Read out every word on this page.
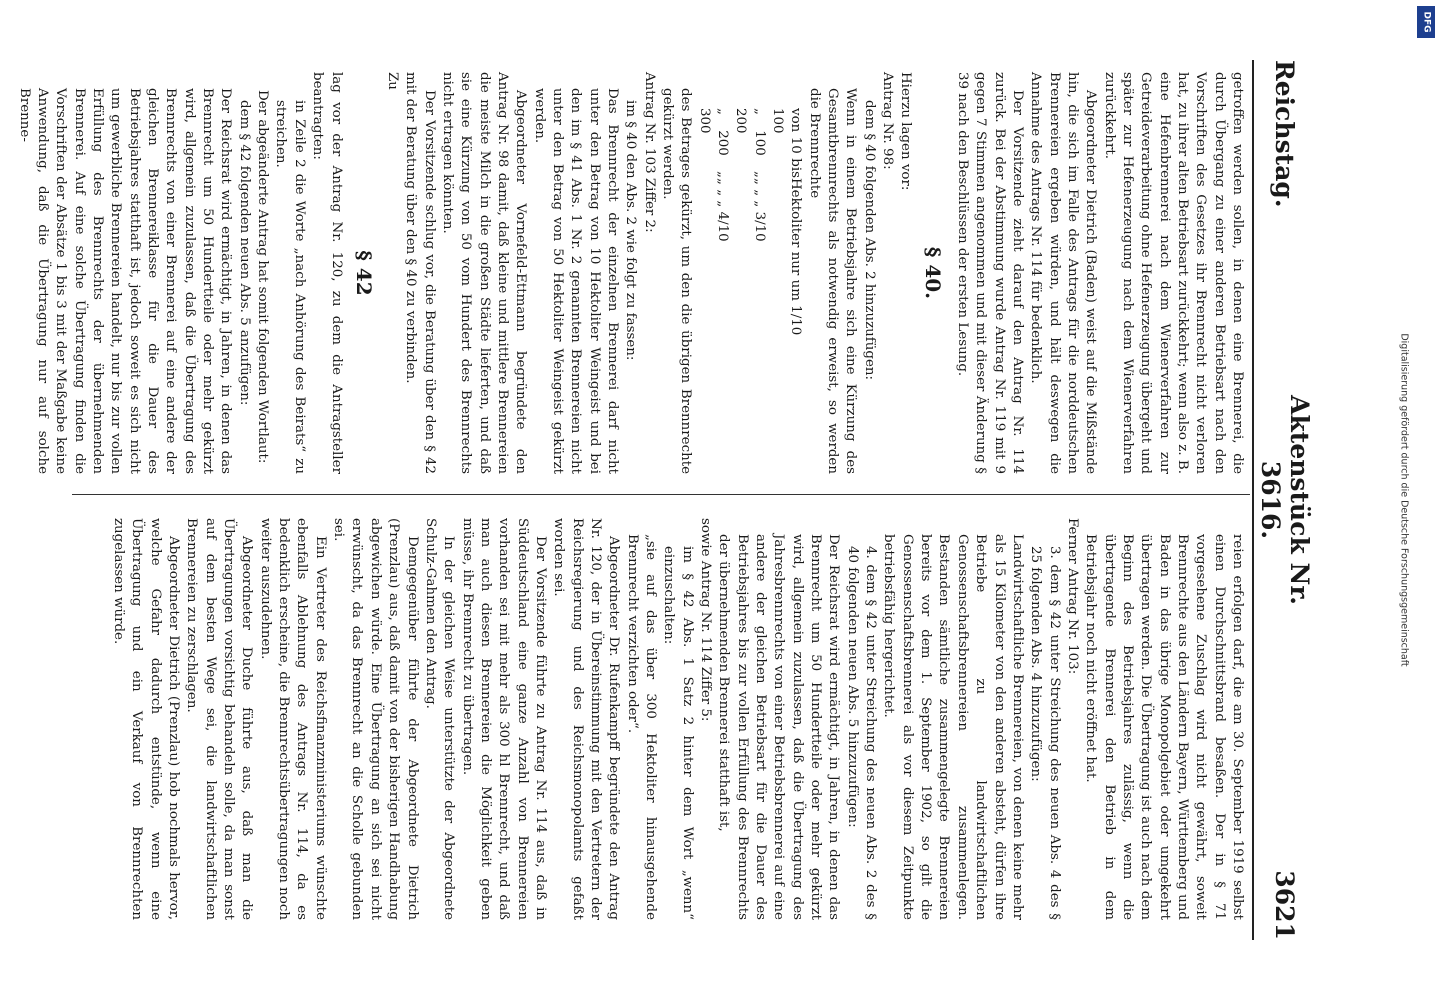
Reichstag.
Aktenstück Nr. 3616.
3621

getroffen werden sollen, in denen eine Brennerei, die durch Übergang zu einer anderen Betriebsart nach den Vorschriften des Gesetzes ihr Brennrecht nicht verloren hat, zu ihrer alten Betriebsart zurückkehrt; wenn also z. B. eine Hefenbrennerei nach dem Wienerverfahren zur Getreideverarbeitung ohne Hefenerzeugung übergeht und später zur Hefenerzeugung nach dem Wienerverfahren zurückkehrt.

Abgeordneter Dietrich (Baden) weist auf die Mißstände hin, die sich im Falle des Antrags für die norddeutschen Brennereien ergeben würden, und hält deswegen die Annahme des Antrags Nr. 114 für bedenklich.

Der Vorsitzende zieht darauf den Antrag Nr. 114 zurück. Bei der Abstimmung wurde Antrag Nr. 119 mit 9 gegen 7 Stimmen angenommen und mit dieser Änderung § 39 nach den Beschlüssen der ersten Lesung.

§ 40.

Hierzu lagen vor:

Antrag Nr. 98:

dem § 40 folgenden Abs. 2 hinzuzufügen:

Wenn in einem Betriebsjahre sich eine Kürzung des Gesamtbrennrechts als notwendig erweist, so werden die Brennrechte

von 10 bis 100
Hektoliter nur um 1/10
„ 100 „ 200
„ „ „ 3/10
„ 200 „ 300
„ „ „ 4/10

des Betrages gekürzt, um den die übrigen Brennrechte gekürzt werden.

Antrag Nr. 103 Ziffer 2:

im § 40 den Abs. 2 wie folgt zu fassen:

Das Brennrecht der einzelnen Brennerei darf nicht unter den Betrag von 10 Hektoliter Weingeist und bei den im § 41 Abs. 1 Nr. 2 genannten Brennereien nicht unter den Betrag von 50 Hektoliter Weingeist gekürzt werden.

Abgeordneter Vornefeld-Ettmann begründete den Antrag Nr. 98 damit, daß kleine und mittlere Brennereien die meiste Milch in die großen Städte lieferten, und daß sie eine Kürzung von 50 vom Hundert des Brennrechts nicht ertragen könnten.

Der Vorsitzende schlug vor, die Beratung über den § 42 mit der Beratung über den § 40 zu verbinden.

Zu

§ 42

lag vor der Antrag Nr. 120, zu dem die Antragsteller beantragten:

in Zeile 2 die Worte „nach Anhörung des Beirats“ zu streichen.

Der abgeänderte Antrag hat somit folgenden Wortlaut:

dem § 42 folgenden neuen Abs. 5 anzufügen:

Der Reichsrat wird ermächtigt, in Jahren, in denen das Brennrecht um 50 Hundertteile oder mehr gekürzt wird, allgemein zuzulassen, daß die Übertragung des Brennrechts von einer Brennerei auf eine andere der gleichen Brennereiklasse für die Dauer des Betriebsjahres statthaft ist, jedoch soweit es sich nicht um gewerbliche Brennereien handelt, nur bis zur vollen Erfüllung des Brennrechts der übernehmenden Brennerei. Auf eine solche Übertragung finden die Vorschriften der Absätze 1 bis 3 mit der Maßgabe keine Anwendung, daß die Übertragung nur auf solche Brenne-

reien erfolgen darf, die am 30. September 1919 selbst einen Durchschnittsbrand besaßen. Der in § 71 vorgesehene Zuschlag wird nicht gewährt, soweit Brennrechte aus den Ländern Bayern, Württemberg und Baden in das übrige Monopolgebiet oder umgekehrt übertragen werden. Die Übertragung ist auch nach dem Beginn des Betriebsjahres zulässig, wenn die übertragende Brennerei den Betrieb in dem Betriebsjahr noch nicht eröffnet hat.

Ferner Antrag Nr. 103:

3. dem § 42 unter Streichung des neuen Abs. 4 des § 25 folgenden Abs. 4 hinzuzufügen:

Landwirtschaftliche Brennereien, von denen keine mehr als 15 Kilometer von den anderen absteht, dürfen ihre Betriebe zu landwirtschaftlichen Genossenschaftsbrennereien zusammenlegen. Bestanden sämtliche zusammengelegte Brennereien bereits vor dem 1. September 1902, so gilt die Genossenschaftsbrennerei als vor diesem Zeitpunkte betriebsfähig hergerichtet.

4. dem § 42 unter Streichung des neuen Abs. 2 des § 40 folgenden neuen Abs. 5 hinzuzufügen:

Der Reichsrat wird ermächtigt, in Jahren, in denen das Brennrecht um 50 Hundertteile oder mehr gekürzt wird, allgemein zuzulassen, daß die Übertragung des Jahresbrennrechts von einer Betriebsbrennerei auf eine andere der gleichen Betriebsart für die Dauer des Betriebsjahres bis zur vollen Erfüllung des Brennrechts der übernehmenden Brennerei statthaft ist,

sowie Antrag Nr. 114 Ziffer 5:

im § 42 Abs. 1 Satz 2 hinter dem Wort „wenn“ einzuschalten:

„sie auf das über 300 Hektoliter hinausgehende Brennrecht verzichten oder“.

Abgeordneter Dr. Rufenkampff begründete den Antrag Nr. 120, der in Übereinstimmung mit den Vertretern der Reichsregierung und des Reichsmonopolamts gefaßt worden sei.

Der Vorsitzende führte zu Antrag Nr. 114 aus, daß in Süddeutschland eine ganze Anzahl von Brennereien vorhanden sei mit mehr als 300 hl Brennrecht, und daß man auch diesen Brennereien die Möglichkeit geben müsse, ihr Brennrecht zu übertragen.

In der gleichen Weise unterstützte der Abgeordnete Schulz-Gahmen den Antrag.

Demgegenüber führte der Abgeordnete Dietrich (Prenzlau) aus, daß damit von der bisherigen Handhabung abgewichen würde. Eine Übertragung an sich sei nicht erwünscht, da das Brennrecht an die Scholle gebunden sei.

Ein Vertreter des Reichsfinanzministeriums wünschte ebenfalls Ablehnung des Antrags Nr. 114, da es bedenklich erscheine, die Brennrechtsübertragungen noch weiter auszudehnen.

Abgeordneter Duche führte aus, daß man die Übertragungen vorsichtig behandeln solle, da man sonst auf dem besten Wege sei, die landwirtschaftlichen Brennereien zu zerschlagen.

Abgeordneter Dietrich (Prenzlau) hob nochmals hervor, welche Gefahr dadurch entstünde, wenn eine Übertragung und ein Verkauf von Brennrechten zugelassen würde.	Digitalisierung gefördert durch die Deutsche Forschungsgemeinschaft
DFG
